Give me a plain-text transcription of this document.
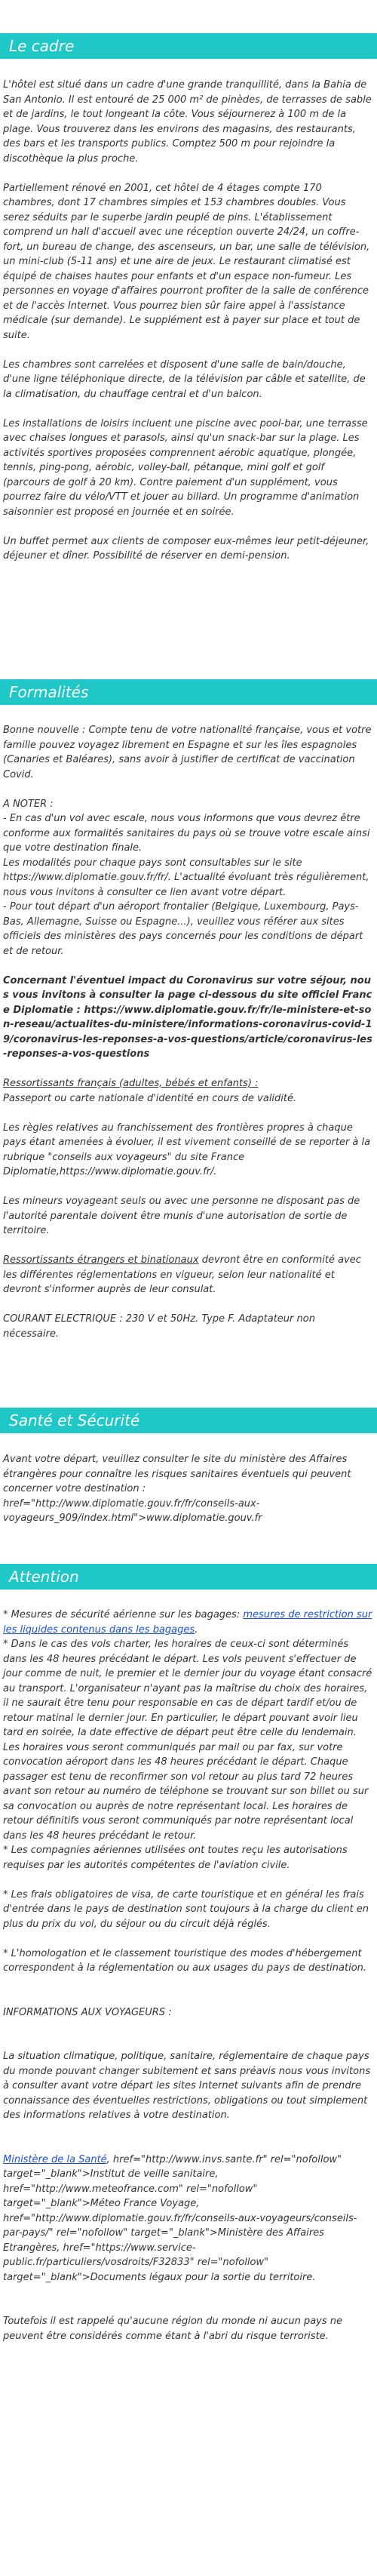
Le cadre

L'hôtel est situé dans un cadre d'une grande tranquillité, dans la Bahia de San Antonio. Il est entouré de 25 000 m² de pinèdes, de terrasses de sable et de jardins, le tout longeant la côte. Vous séjournerez à 100 m de la plage. Vous trouverez dans les environs des magasins, des restaurants, des bars et les transports publics. Comptez 500 m pour rejoindre la discothèque la plus proche.

Partiellement rénové en 2001, cet hôtel de 4 étages compte 170 chambres, dont 17 chambres simples et 153 chambres doubles. Vous serez séduits par le superbe jardin peuplé de pins. L'établissement comprend un hall d'accueil avec une réception ouverte 24/24, un coffre-fort, un bureau de change, des ascenseurs, un bar, une salle de télévision, un mini-club (5-11 ans) et une aire de jeux. Le restaurant climatisé est équipé de chaises hautes pour enfants et d'un espace non-fumeur. Les personnes en voyage d'affaires pourront profiter de la salle de conférence et de l'accès Internet. Vous pourrez bien sûr faire appel à l'assistance médicale (sur demande). Le supplément est à payer sur place et tout de suite.

Les chambres sont carrelées et disposent d'une salle de bain/douche, d'une ligne téléphonique directe, de la télévision par câble et satellite, de la climatisation, du chauffage central et d'un balcon.

Les installations de loisirs incluent une piscine avec pool-bar, une terrasse avec chaises longues et parasols, ainsi qu'un snack-bar sur la plage. Les activités sportives proposées comprennent aérobic aquatique, plongée, tennis, ping-pong, aérobic, volley-ball, pétanque, mini golf et golf (parcours de golf à 20 km). Contre paiement d'un supplément, vous pourrez faire du vélo/VTT et jouer au billard. Un programme d'animation saisonnier est proposé en journée et en soirée.

Un buffet permet aux clients de composer eux-mêmes leur petit-déjeuner, déjeuner et dîner. Possibilité de réserver en demi-pension.

Formalités

Bonne nouvelle : Compte tenu de votre nationalité française, vous et votre famille pouvez voyagez librement en Espagne et sur les îles espagnoles (Canaries et Baléares), sans avoir à justifier de certificat de vaccination Covid.

A NOTER :

- En cas d'un vol avec escale, nous vous informons que vous devrez être conforme aux formalités sanitaires du pays où se trouve votre escale ainsi que votre destination finale.

Les modalités pour chaque pays sont consultables sur le site https://www.diplomatie.gouv.fr/fr/. L'actualité évoluant très régulièrement, nous vous invitons à consulter ce lien avant votre départ.

- Pour tout départ d'un aéroport frontalier (Belgique, Luxembourg, Pays-Bas, Allemagne, Suisse ou Espagne...), veuillez vous référer aux sites officiels des ministères des pays concernés pour les conditions de départ et de retour.

Concernant l'éventuel impact du Coronavirus sur votre séjour, nous vous invitons à consulter la page ci-dessous du site officiel France Diplomatie : https://www.diplomatie.gouv.fr/fr/le-ministere-et-son-reseau/actualites-du-ministere/informations-coronavirus-covid-19/coronavirus-les-reponses-a-vos-questions/article/coronavirus-les-reponses-a-vos-questions

Ressortissants français (adultes, bébés et enfants) :

Passeport ou carte nationale d'identité en cours de validité.

Les règles relatives au franchissement des frontières propres à chaque pays étant amenées à évoluer, il est vivement conseillé de se reporter à la rubrique "conseils aux voyageurs" du site France Diplomatie,https://www.diplomatie.gouv.fr/.

Les mineurs voyageant seuls ou avec une personne ne disposant pas de l'autorité parentale doivent être munis d'une autorisation de sortie de territoire.

Ressortissants étrangers et binationaux devront être en conformité avec les différentes réglementations en vigueur, selon leur nationalité et devront s'informer auprès de leur consulat.

COURANT ELECTRIQUE : 230 V et 50Hz. Type F. Adaptateur non nécessaire.

Santé et Sécurité

Avant votre départ, veuillez consulter le site du ministère des Affaires étrangères pour connaître les risques sanitaires éventuels qui peuvent concerner votre destination : href="http://www.diplomatie.gouv.fr/fr/conseils-aux-voyageurs_909/index.html">www.diplomatie.gouv.fr

Attention

* Mesures de sécurité aérienne sur les bagages: mesures de restriction sur les liquides contenus dans les bagages.

* Dans le cas des vols charter, les horaires de ceux-ci sont déterminés dans les 48 heures précédant le départ. Les vols peuvent s'effectuer de jour comme de nuit, le premier et le dernier jour du voyage étant consacré au transport. L'organisateur n'ayant pas la maîtrise du choix des horaires, il ne saurait être tenu pour responsable en cas de départ tardif et/ou de retour matinal le dernier jour. En particulier, le départ pouvant avoir lieu tard en soirée, la date effective de départ peut être celle du lendemain. Les horaires vous seront communiqués par mail ou par fax, sur votre convocation aéroport dans les 48 heures précédant le départ. Chaque passager est tenu de reconfirmer son vol retour au plus tard 72 heures avant son retour au numéro de téléphone se trouvant sur son billet ou sur sa convocation ou auprès de notre représentant local. Les horaires de retour définitifs vous seront communiqués par notre représentant local dans les 48 heures précédant le retour.

* Les compagnies aériennes utilisées ont toutes reçu les autorisations requises par les autorités compétentes de l'aviation civile.

* Les frais obligatoires de visa, de carte touristique et en général les frais d'entrée dans le pays de destination sont toujours à la charge du client en plus du prix du vol, du séjour ou du circuit déjà réglés.

* L'homologation et le classement touristique des modes d'hébergement correspondent à la réglementation ou aux usages du pays de destination.

INFORMATIONS AUX VOYAGEURS :

La situation climatique, politique, sanitaire, réglementaire de chaque pays du monde pouvant changer subitement et sans préavis nous vous invitons à consulter avant votre départ les sites Internet suivants afin de prendre connaissance des éventuelles restrictions, obligations ou tout simplement des informations relatives à votre destination.

Ministère de la Santé, href="http://www.invs.sante.fr" rel="nofollow" target="_blank">Institut de veille sanitaire, href="http://www.meteofrance.com" rel="nofollow" target="_blank">Méteo France Voyage, href="http://www.diplomatie.gouv.fr/fr/conseils-aux-voyageurs/conseils-par-pays/" rel="nofollow" target="_blank">Ministère des Affaires Etrangères, href="https://www.service-public.fr/particuliers/vosdroits/F32833" rel="nofollow" target="_blank">Documents légaux pour la sortie du territoire.

Toutefois il est rappelé qu'aucune région du monde ni aucun pays ne peuvent être considérés comme étant à l'abri du risque terroriste.
